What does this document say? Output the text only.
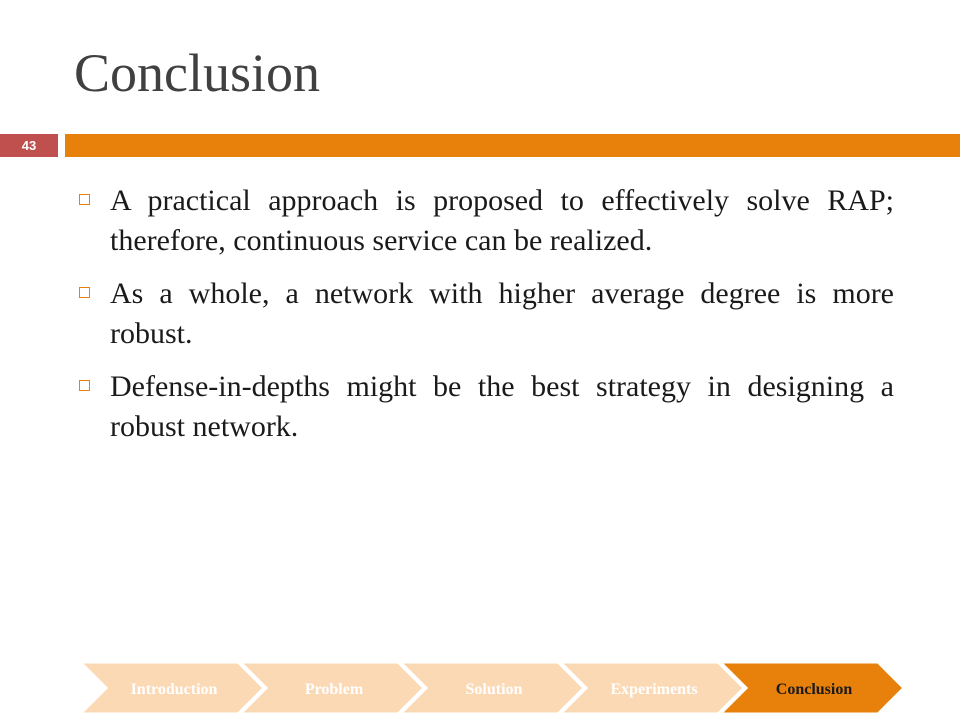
Conclusion
43
A practical approach is proposed to effectively solve RAP; therefore, continuous service can be realized.
As a whole, a network with higher average degree is more robust.
Defense-in-depths might be the best strategy in designing a robust network.
Introduction	Problem	Solution	Experiments	Conclusion
